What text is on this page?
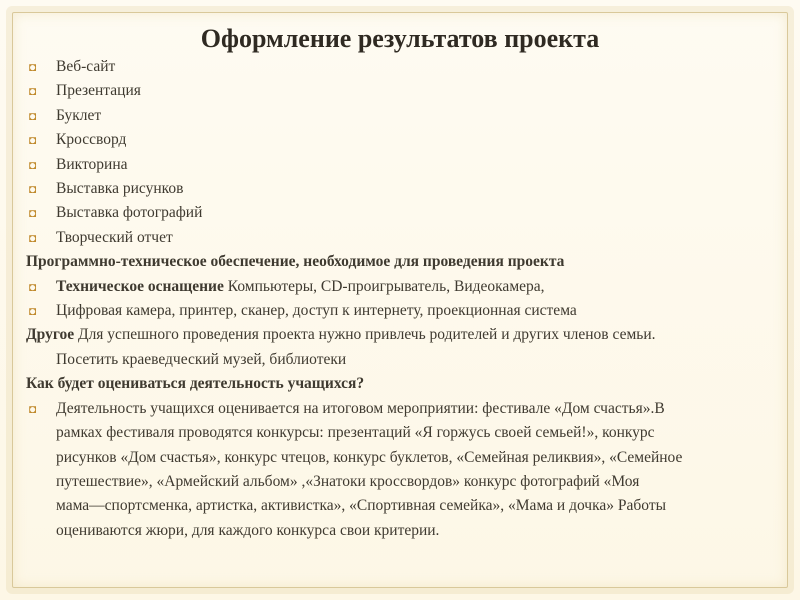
Оформление результатов проекта
◘ Веб-сайт
◘ Презентация
◘ Буклет
◘ Кроссворд
◘ Викторина
◘ Выставка рисунков
◘ Выставка фотографий
◘ Творческий отчет
Программно-техническое обеспечение, необходимое для проведения проекта
◘ Техническое оснащение Компьютеры, CD-проигрыватель, Видеокамера,
◘ Цифровая камера, принтер, сканер, доступ к интернету, проекционная система
Другое Для успешного проведения проекта нужно привлечь родителей и других членов семьи.
Посетить краеведческий музей, библиотеки
Как будет оцениваться деятельность учащихся?
◘ Деятельность учащихся оценивается на итоговом мероприятии: фестивале «Дом счастья».В
рамках фестиваля проводятся конкурсы: презентаций «Я горжусь своей семьей!», конкурс
рисунков «Дом счастья», конкурс чтецов, конкурс буклетов, «Семейная реликвия», «Семейное
путешествие», «Армейский альбом» ,«Знатоки кроссвордов» конкурс фотографий «Моя
мама—спортсменка, артистка, активистка», «Спортивная семейка», «Мама и дочка» Работы
оцениваются жюри, для каждого конкурса свои критерии.
